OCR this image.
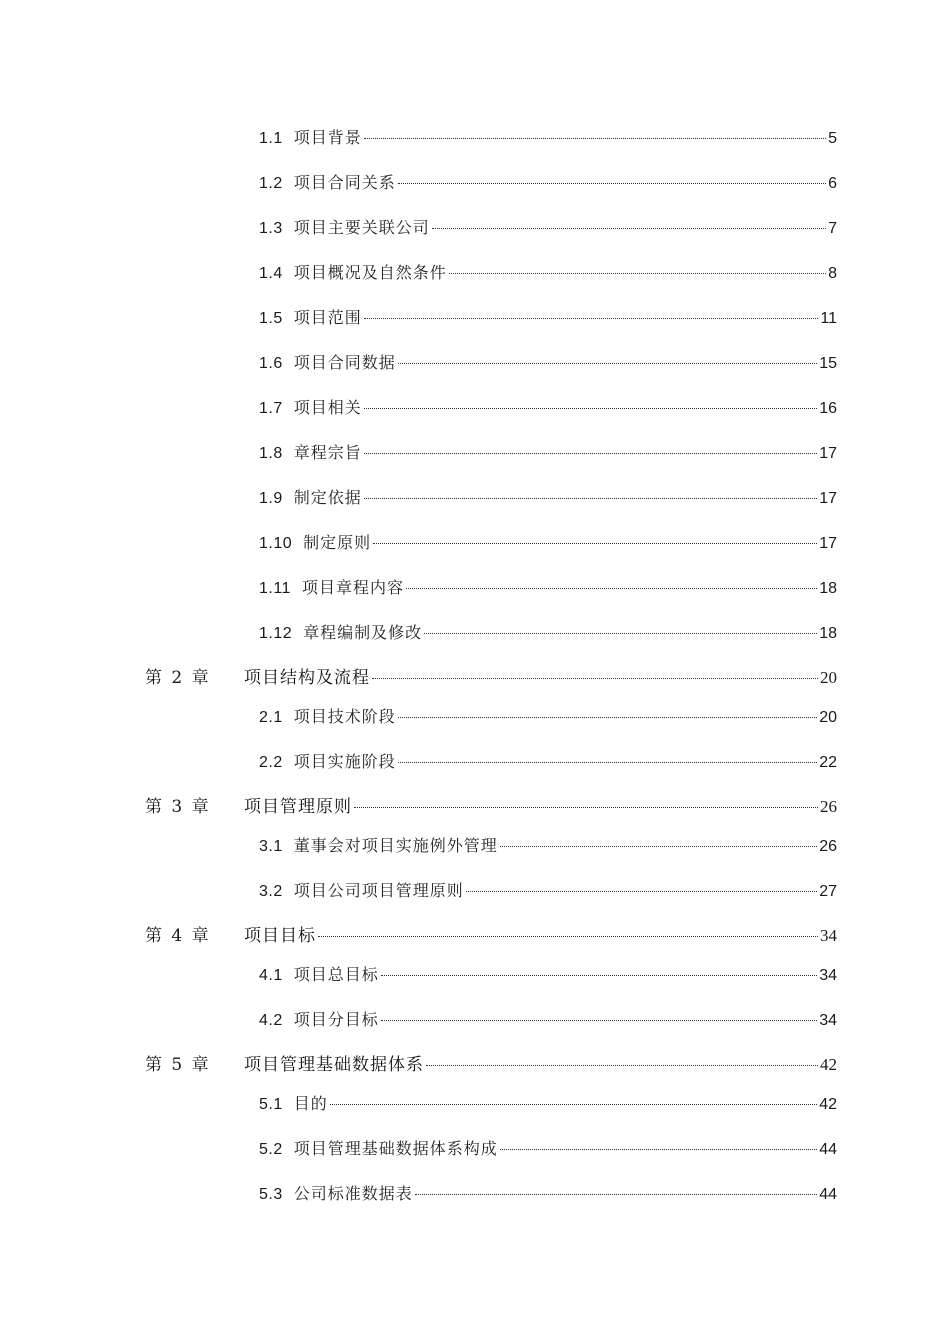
1.1 项目背景	5
1.2 项目合同关系	6
1.3 项目主要关联公司	7
1.4 项目概况及自然条件	8
1.5 项目范围	11
1.6 项目合同数据	15
1.7 项目相关	16
1.8 章程宗旨	17
1.9 制定依据	17
1.10 制定原则	17
1.11 项目章程内容	18
1.12 章程编制及修改	18
第 2 章	项目结构及流程	20
2.1 项目技术阶段	20
2.2 项目实施阶段	22
第 3 章	项目管理原则	26
3.1 董事会对项目实施例外管理	26
3.2 项目公司项目管理原则	27
第 4 章	项目目标	34
4.1 项目总目标	34
4.2 项目分目标	34
第 5 章	项目管理基础数据体系	42
5.1 目的	42
5.2 项目管理基础数据体系构成	44
5.3 公司标准数据表	44
